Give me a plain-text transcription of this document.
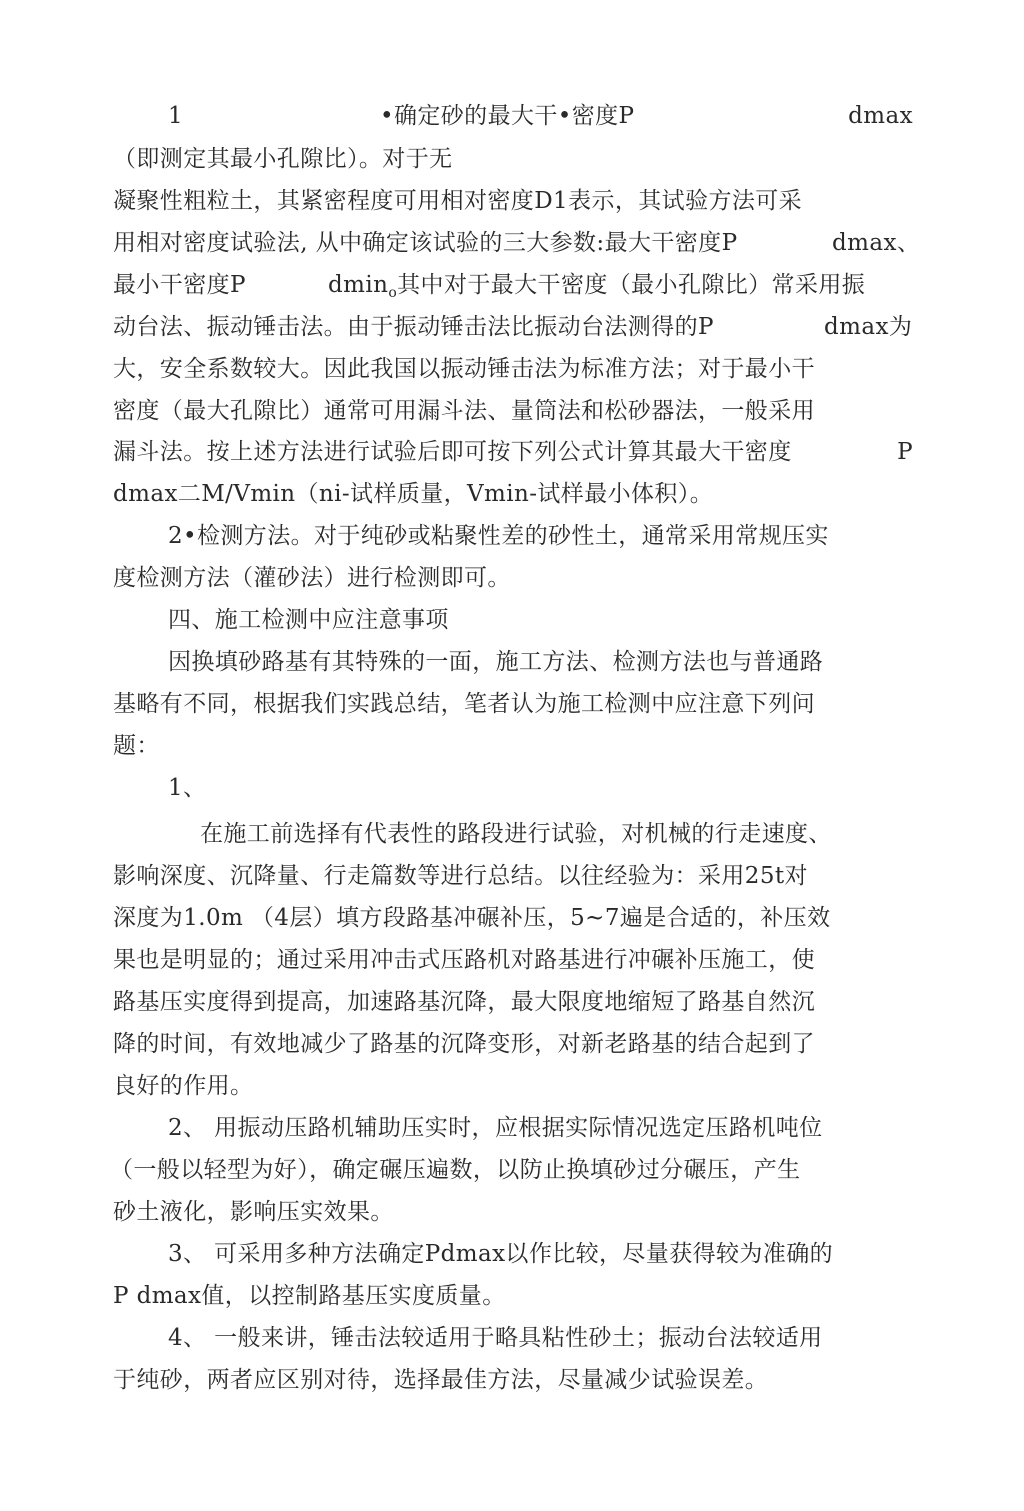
1	•确定砂的最大干•密度P	dmax
（即测定其最小孔隙比）。对于无
凝聚性粗粒土，其紧密程度可用相对密度D1表示，其试验方法可采
用相对密度试验法, 从中确定该试验的三大参数:最大干密度P	dmax、
最小干密度P	dmin$_o$其中对于最大干密度（最小孔隙比）常采用振
动台法、振动锤击法。由于振动锤击法比振动台法测得的P	dmax为
大，安全系数较大。因此我国以振动锤击法为标准方法；对于最小干
密度（最大孔隙比）通常可用漏斗法、量筒法和松砂器法，一般采用
漏斗法。按上述方法进行试验后即可按下列公式计算其最大干密度	P
dmax二M/Vmin（ni-试样质量，Vmin-试样最小体积）。
2•检测方法。对于纯砂或粘聚性差的砂性土，通常采用常规压实
度检测方法（灌砂法）进行检测即可。
四、施工检测中应注意事项
因换填砂路基有其特殊的一面，施工方法、检测方法也与普通路
基略有不同，根据我们实践总结，笔者认为施工检测中应注意下列问
题：
1、
在施工前选择有代表性的路段进行试验，对机械的行走速度、
影响深度、沉降量、行走篇数等进行总结。以往经验为：采用25t对
深度为1.0m （4层）填方段路基冲碾补压，5~7遍是合适的，补压效
果也是明显的；通过采用冲击式压路机对路基进行冲碾补压施工，使
路基压实度得到提高，加速路基沉降，最大限度地缩短了路基自然沉
降的时间，有效地减少了路基的沉降变形，对新老路基的结合起到了
良好的作用。
2、 用振动压路机辅助压实时，应根据实际情况选定压路机吨位
（一般以轻型为好），确定碾压遍数，以防止换填砂过分碾压，产生
砂土液化，影响压实效果。
3、 可采用多种方法确定Pdmax以作比较，尽量获得较为准确的
P dmax值，以控制路基压实度质量。
4、 一般来讲，锤击法较适用于略具粘性砂土；振动台法较适用
于纯砂，两者应区别对待，选择最佳方法，尽量减少试验误差。
